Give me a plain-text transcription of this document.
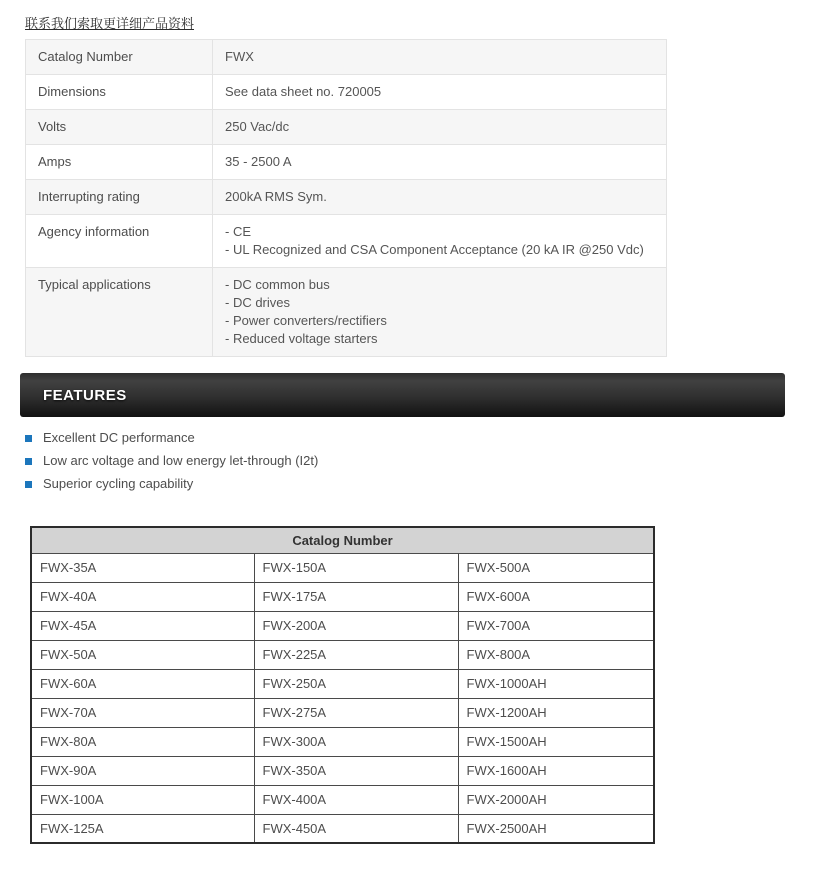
联系我们索取更详细产品资料
Catalog Number	FWX

Dimensions	See data sheet no. 720005

Volts	250 Vac/dc

Amps	35 - 2500 A

Interrupting rating	200kA RMS Sym.

Agency information	- CE
- UL Recognized and CSA Component Acceptance (20 kA IR @250 Vdc)

Typical applications	- DC common bus
- DC drives
- Power converters/rectifiers
- Reduced voltage starters
FEATURES
Excellent DC performance
Low arc voltage and low energy let-through (I2t)
Superior cycling capability
Catalog Number		
FWX-35A	FWX-150A	FWX-500A
FWX-40A	FWX-175A	FWX-600A
FWX-45A	FWX-200A	FWX-700A
FWX-50A	FWX-225A	FWX-800A
FWX-60A	FWX-250A	FWX-1000AH
FWX-70A	FWX-275A	FWX-1200AH
FWX-80A	FWX-300A	FWX-1500AH
FWX-90A	FWX-350A	FWX-1600AH
FWX-100A	FWX-400A	FWX-2000AH
FWX-125A	FWX-450A	FWX-2500AH
